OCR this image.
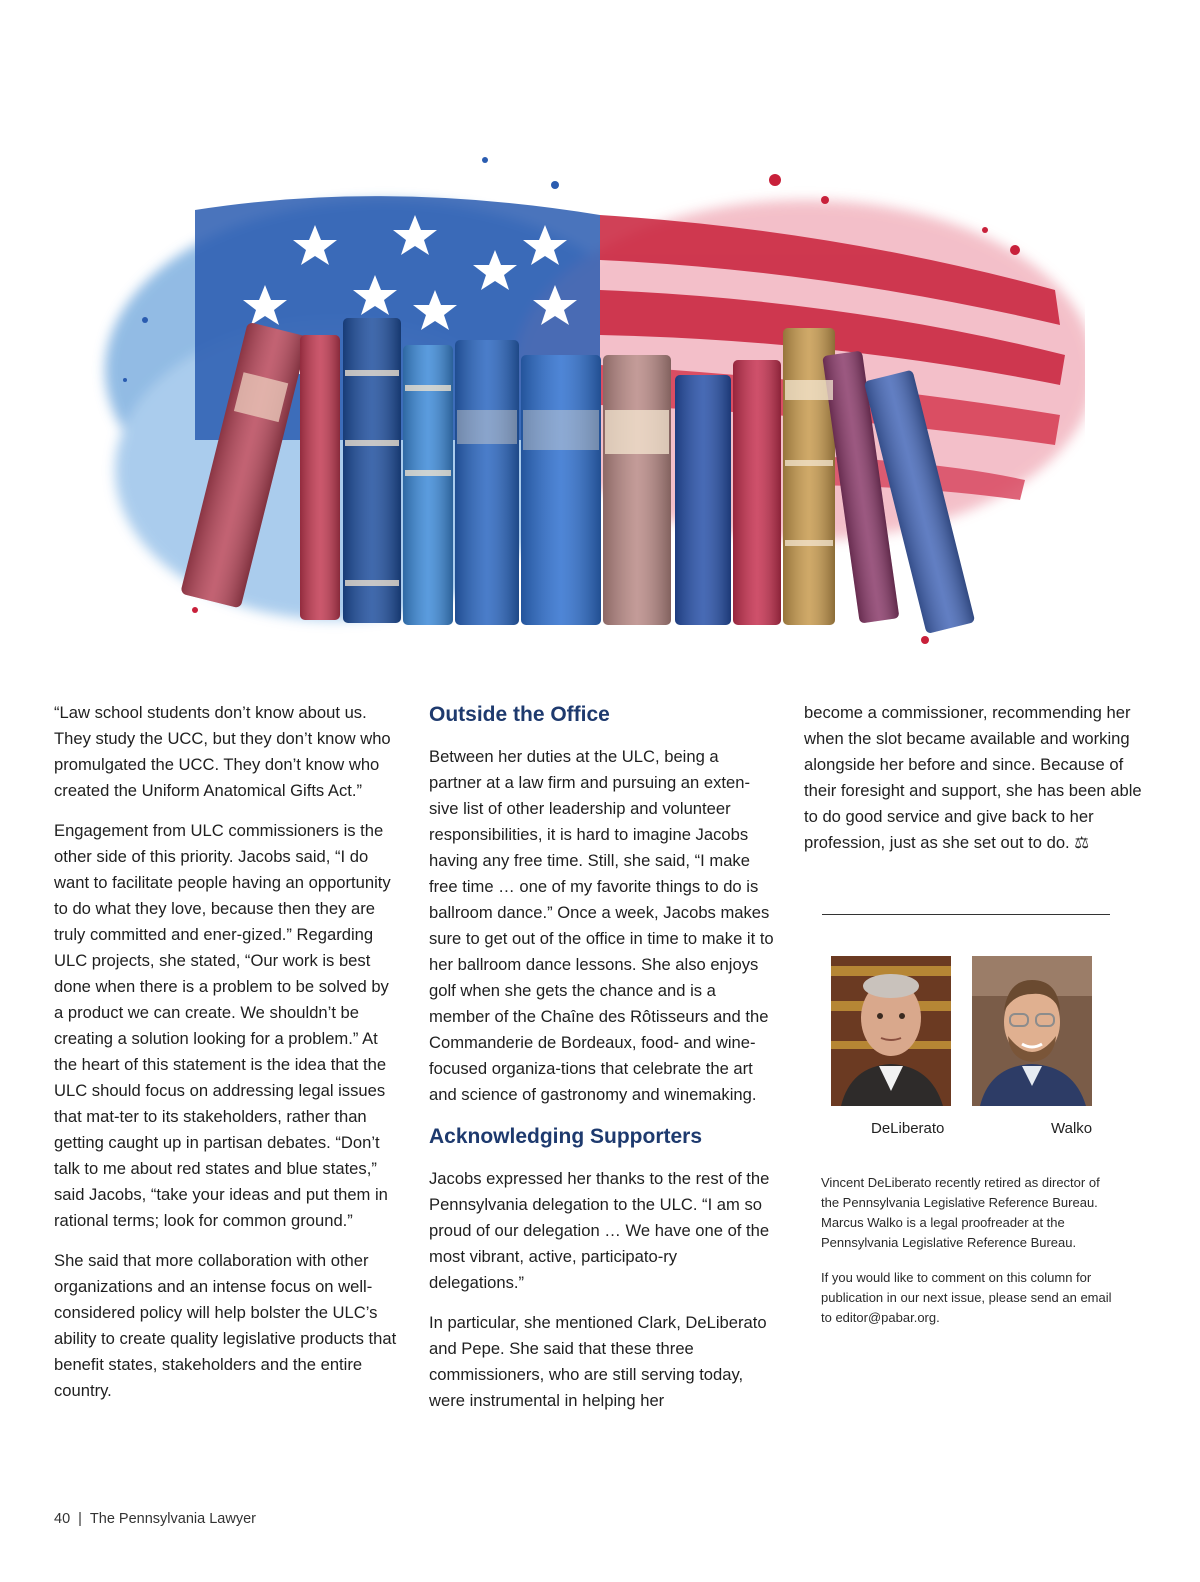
“Law school students don’t know about us. They study the UCC, but they don’t know who promulgated the UCC. They don’t know who created the Uniform Anatomical Gifts Act.”

Engagement from ULC commissioners is the other side of this priority. Jacobs said, “I do want to facilitate people having an opportunity to do what they love, because then they are truly committed and ener-gized.” Regarding ULC projects, she stated, “Our work is best done when there is a problem to be solved by a product we can create. We shouldn’t be creating a solution looking for a problem.” At the heart of this statement is the idea that the ULC should focus on addressing legal issues that mat-ter to its stakeholders, rather than getting caught up in partisan debates. “Don’t talk to me about red states and blue states,” said Jacobs, “take your ideas and put them in rational terms; look for common ground.”

She said that more collaboration with other organizations and an intense focus on well-considered policy will help bolster the ULC’s ability to create quality legislative products that benefit states, stakeholders and the entire country.

Outside the Office

Between her duties at the ULC, being a partner at a law firm and pursuing an exten-sive list of other leadership and volunteer responsibilities, it is hard to imagine Jacobs having any free time. Still, she said, “I make free time … one of my favorite things to do is ballroom dance.” Once a week, Jacobs makes sure to get out of the office in time to make it to her ballroom dance lessons. She also enjoys golf when she gets the chance and is a member of the Chaîne des Rôtisseurs and the Commanderie de Bordeaux, food- and wine-focused organiza-tions that celebrate the art and science of gastronomy and winemaking.

Acknowledging Supporters

Jacobs expressed her thanks to the rest of the Pennsylvania delegation to the ULC. “I am so proud of our delegation … We have one of the most vibrant, active, participato-ry delegations.”

In particular, she mentioned Clark, DeLiberato and Pepe. She said that these three commissioners, who are still serving today, were instrumental in helping her

become a commissioner, recommending her when the slot became available and working alongside her before and since. Because of their foresight and support, she has been able to do good service and give back to her profession, just as she set out to do. ⚖

DeLiberato	Walko
Vincent DeLiberato recently retired as director of the Pennsylvania Legislative Reference Bureau. Marcus Walko is a legal proofreader at the Pennsylvania Legislative Reference Bureau.
If you would like to comment on this column for publication in our next issue, please send an email to editor@pabar.org.
40 | The Pennsylvania Lawyer
